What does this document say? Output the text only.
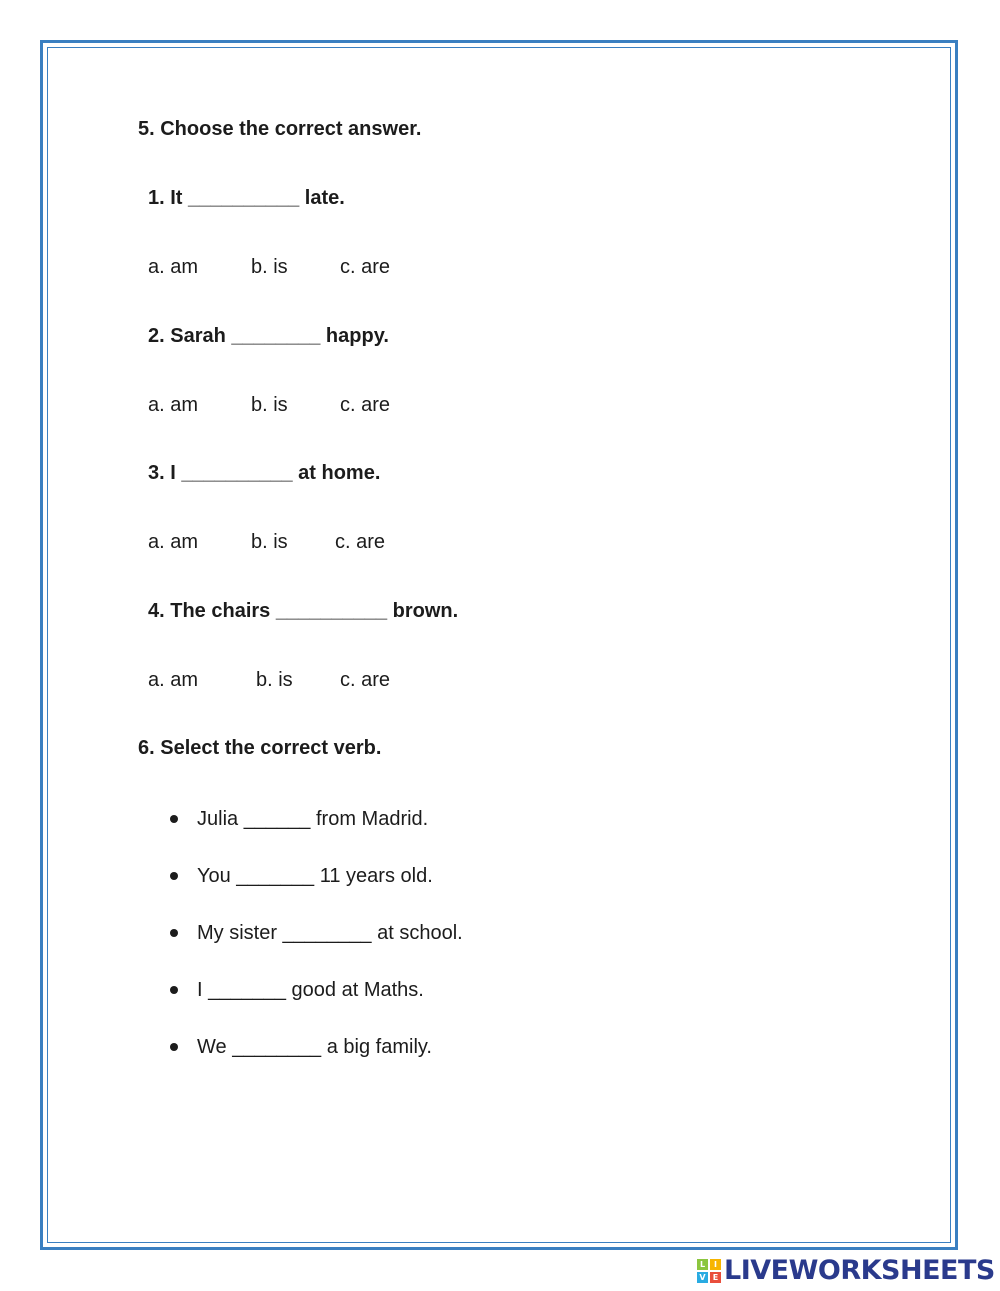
5. Choose the correct answer.
1. It __________ late.
a. am	b. is	c. are
2. Sarah ________ happy.
a. am	b. is	c. are
3. I __________ at home.
a. am	b. is c. are
4. The chairs __________ brown.
a. am	b. is c. are
6. Select the correct verb.
Julia ______ from Madrid.
You _______ 11 years old.
My sister ________ at school.
I _______ good at Maths.
We ________ a big family.
L	I
V E LIVEWORKSHEETS
